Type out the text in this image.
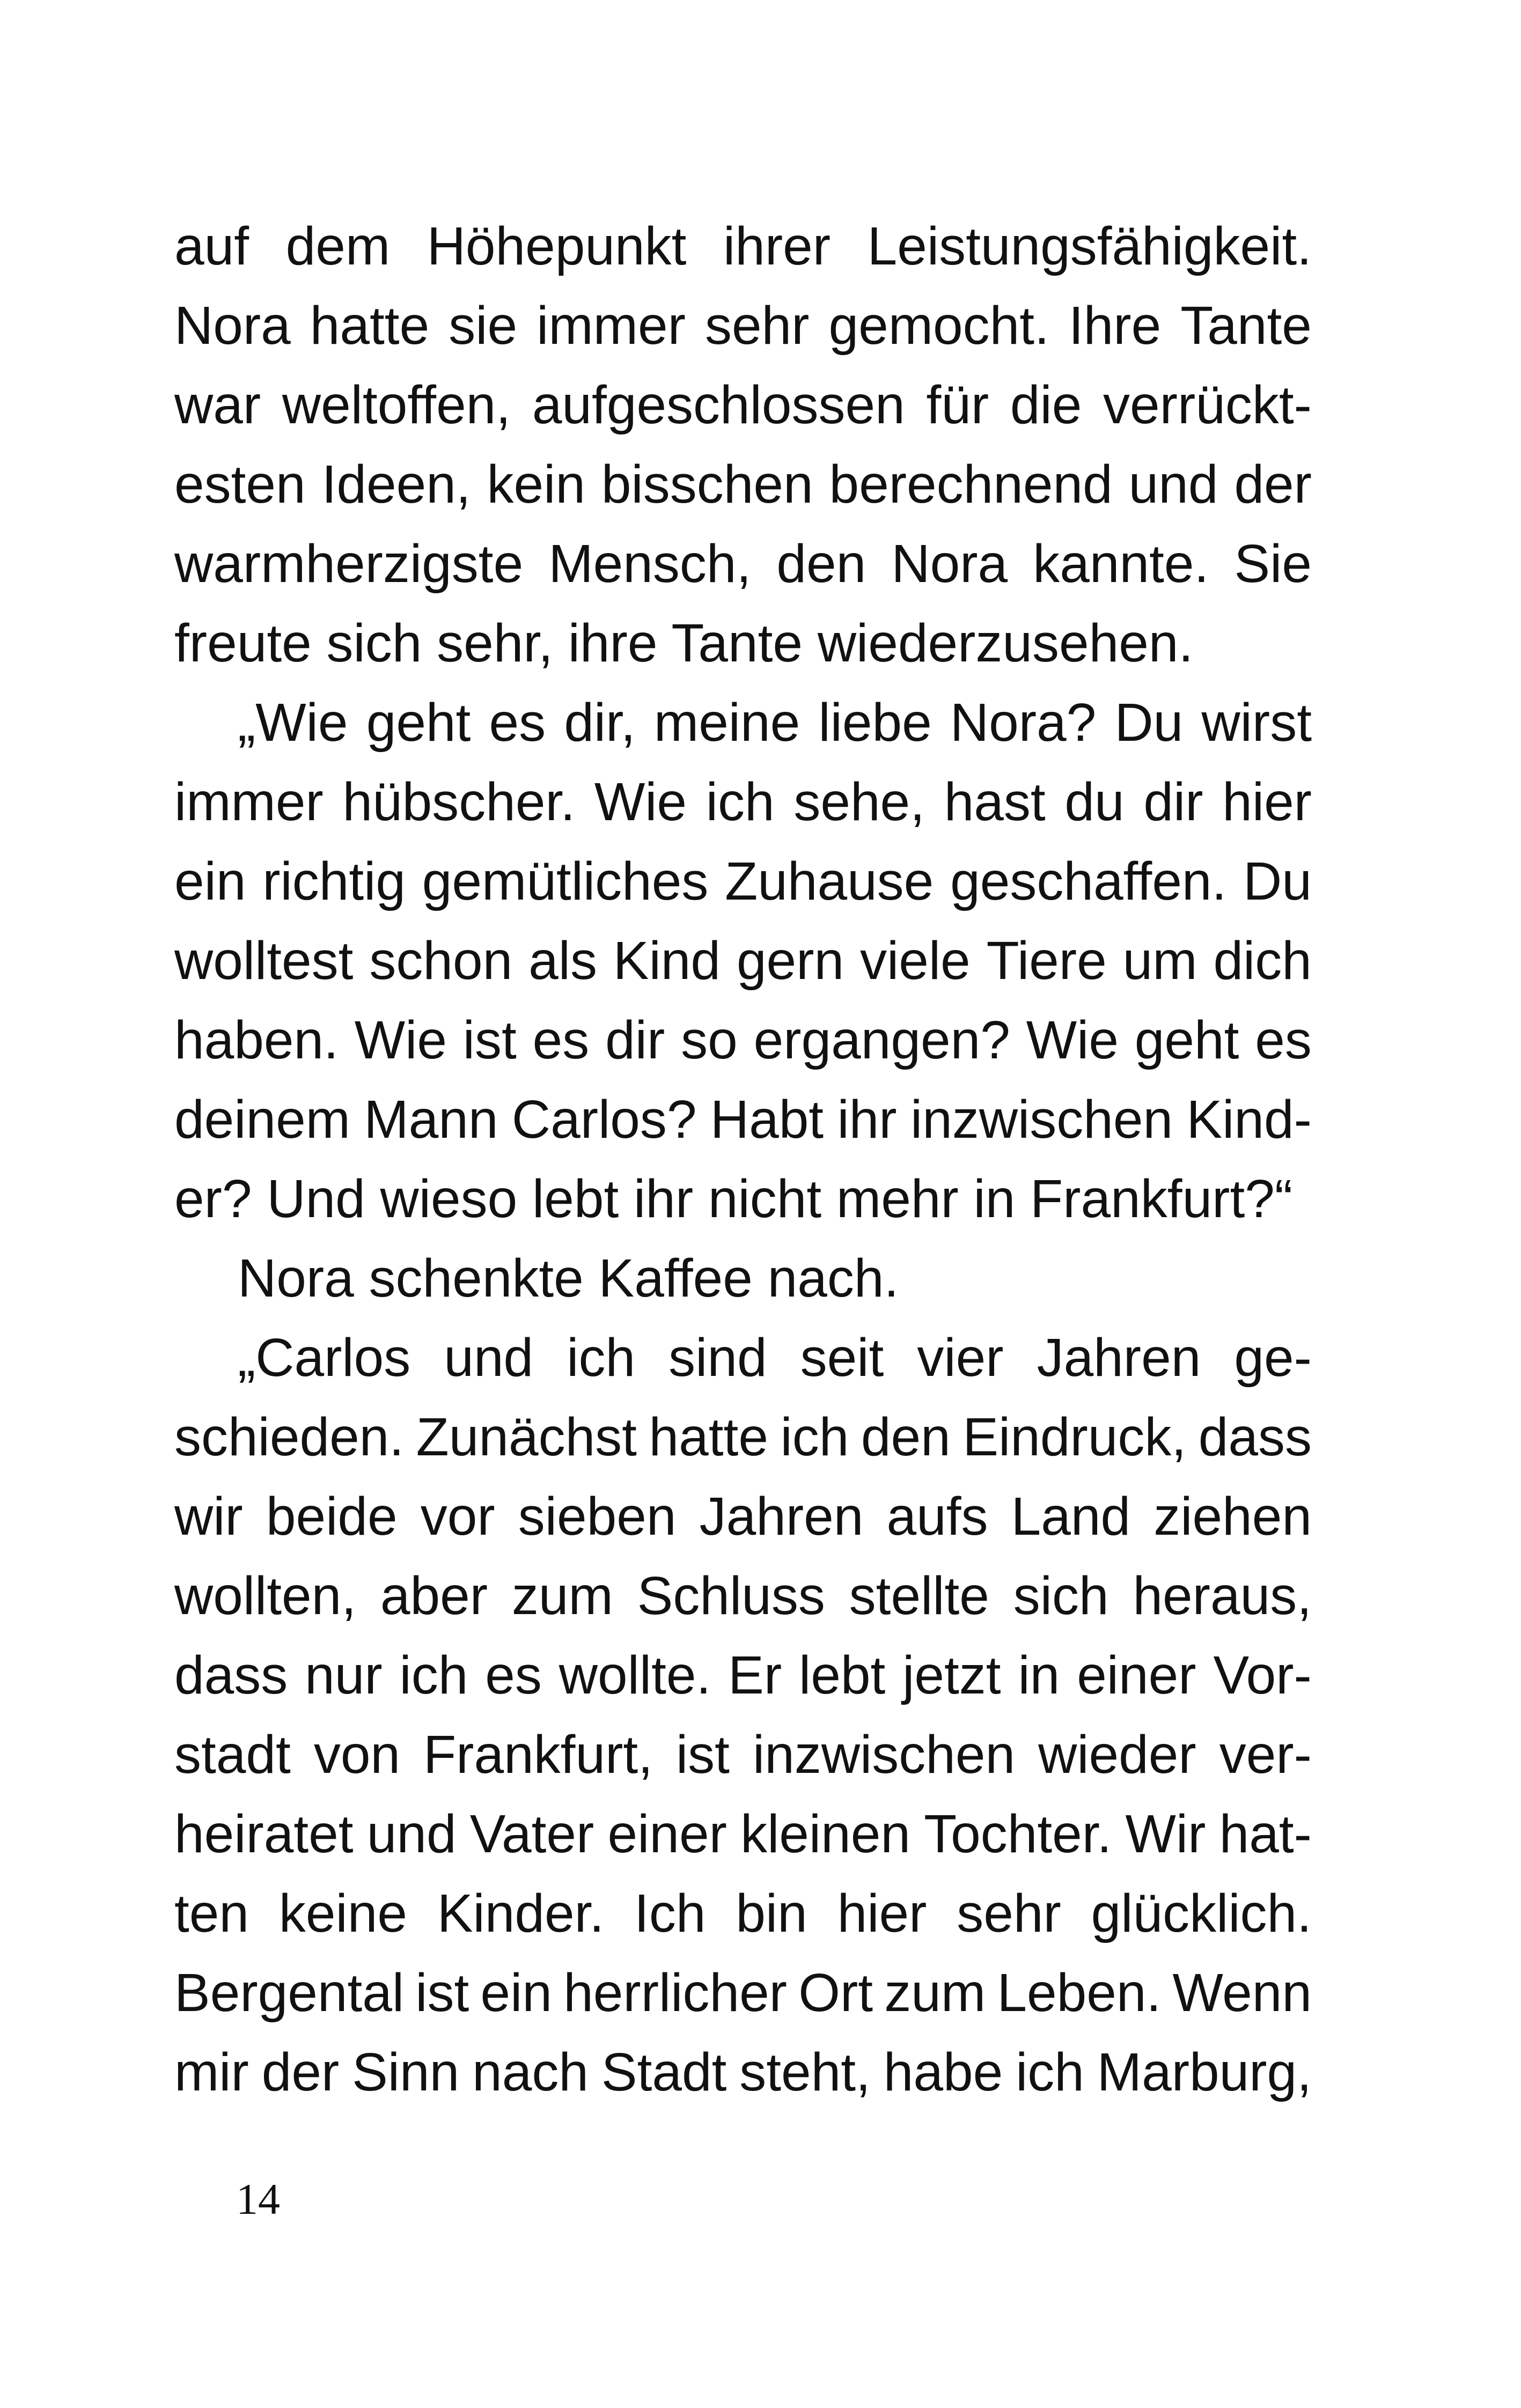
auf dem Höhepunkt ihrer Leistungsfähigkeit.
Nora hatte sie immer sehr gemocht. Ihre Tante
war weltoffen, aufgeschlossen für die verrückt-
esten Ideen, kein bisschen berechnend und der
warmherzigste Mensch, den Nora kannte. Sie
freute sich sehr, ihre Tante wiederzusehen.
„Wie geht es dir, meine liebe Nora? Du wirst
immer hübscher. Wie ich sehe, hast du dir hier
ein richtig gemütliches Zuhause geschaffen. Du
wolltest schon als Kind gern viele Tiere um dich
haben. Wie ist es dir so ergangen? Wie geht es
deinem Mann Carlos? Habt ihr inzwischen Kind-
er? Und wieso lebt ihr nicht mehr in Frankfurt?“
Nora schenkte Kaffee nach.
„Carlos und ich sind seit vier Jahren ge-
schieden. Zunächst hatte ich den Eindruck, dass
wir beide vor sieben Jahren aufs Land ziehen
wollten, aber zum Schluss stellte sich heraus,
dass nur ich es wollte. Er lebt jetzt in einer Vor-
stadt von Frankfurt, ist inzwischen wieder ver-
heiratet und Vater einer kleinen Tochter. Wir hat-
ten keine Kinder. Ich bin hier sehr glücklich.
Bergental ist ein herrlicher Ort zum Leben. Wenn
mir der Sinn nach Stadt steht, habe ich Marburg,
14
